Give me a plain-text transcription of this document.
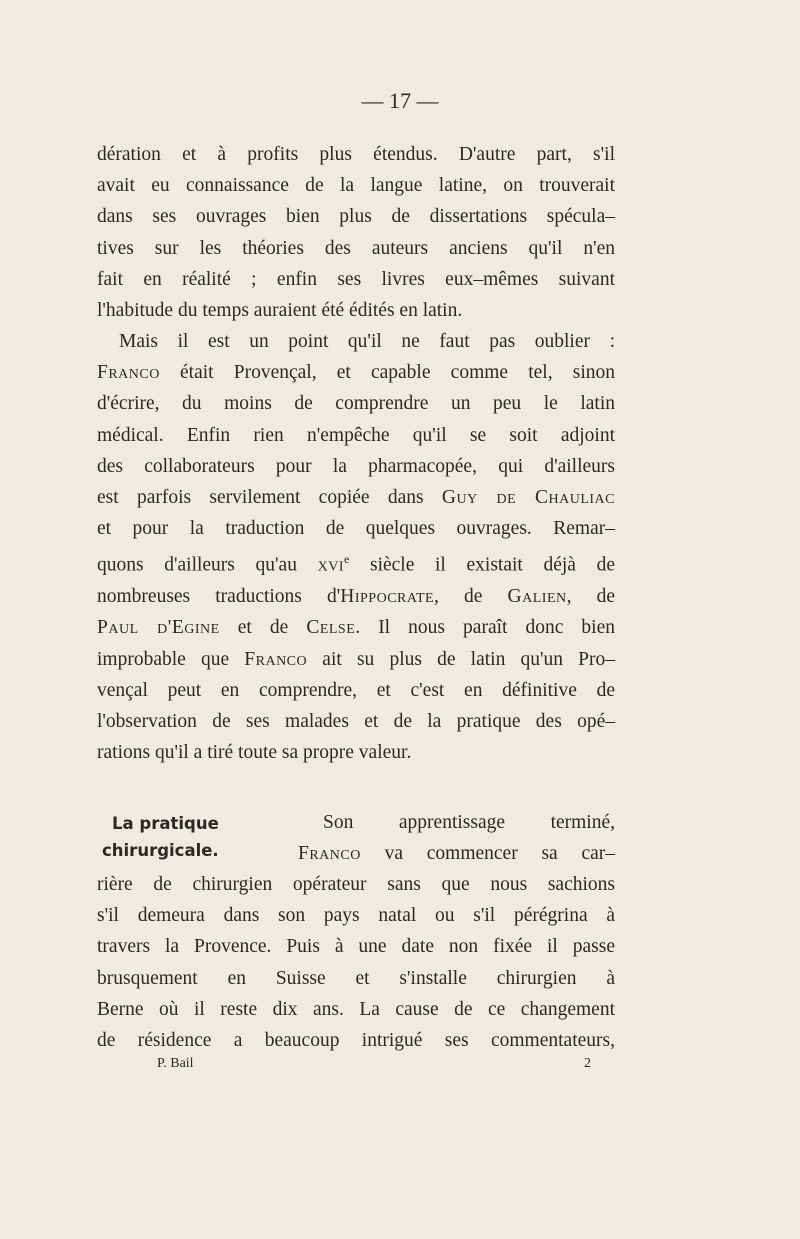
— 17 —
dération et à profits plus étendus. D'autre part, s'il
avait eu connaissance de la langue latine, on trouverait
dans ses ouvrages bien plus de dissertations spécula–
tives sur les théories des auteurs anciens qu'il n'en
fait en réalité ; enfin ses livres eux–mêmes suivant
l'habitude du temps auraient été édités en latin.
Mais il est un point qu'il ne faut pas oublier :
Franco était Provençal, et capable comme tel, sinon
d'écrire, du moins de comprendre un peu le latin
médical. Enfin rien n'empêche qu'il se soit adjoint
des collaborateurs pour la pharmacopée, qui d'ailleurs
est parfois servilement copiée dans Guy de Chauliac
et pour la traduction de quelques ouvrages. Remar–
quons d'ailleurs qu'au xvi$^e$ siècle il existait déjà de
nombreuses traductions d'Hippocrate, de Galien, de
Paul d'Egine et de Celse. Il nous paraît donc bien
improbable que Franco ait su plus de latin qu'un Pro–
vençal peut en comprendre, et c'est en définitive de
l'observation de ses malades et de la pratique des opé–
rations qu'il a tiré toute sa propre valeur.
La pratique
chirurgicale.
Son apprentissage terminé,
Franco va commencer sa car–
rière de chirurgien opérateur sans que nous sachions
s'il demeura dans son pays natal ou s'il pérégrina à
travers la Provence. Puis à une date non fixée il passe
brusquement en Suisse et s'installe chirurgien à
Berne où il reste dix ans. La cause de ce changement
de résidence a beaucoup intrigué ses commentateurs,
P. Bail	2
